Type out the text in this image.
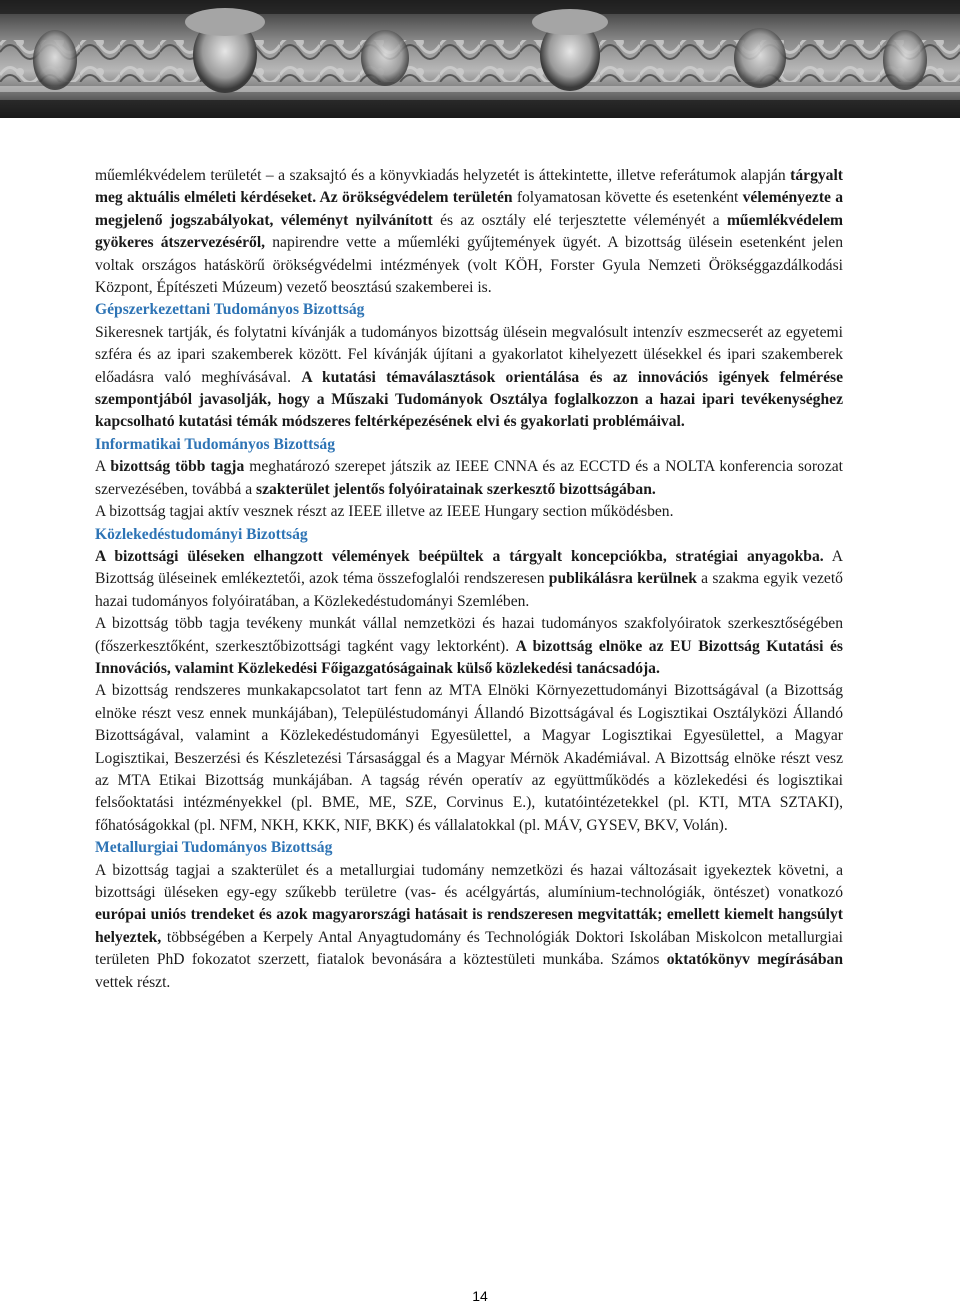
műemlékvédelem területét – a szaksajtó és a könyvkiadás helyzetét is áttekintette, illetve referátumok alapján tárgyalt meg aktuális elméleti kérdéseket. Az örökségvédelem területén folyamatosan követte és esetenként véleményezte a megjelenő jogszabályokat, véleményt nyilvánított és az osztály elé terjesztette véleményét a műemlékvédelem gyökeres átszervezéséről, napirendre vette a műemléki gyűjtemények ügyét. A bizottság ülésein esetenként jelen voltak országos hatáskörű örökségvédelmi intézmények (volt KÖH, Forster Gyula Nemzeti Örökséggazdálkodási Központ, Építészeti Múzeum) vezető beosztású szakemberei is.

Gépszerkezettani Tudományos Bizottság

Sikeresnek tartják, és folytatni kívánják a tudományos bizottság ülésein megvalósult intenzív eszmecserét az egyetemi szféra és az ipari szakemberek között. Fel kívánják újítani a gyakorlatot kihelyezett ülésekkel és ipari szakemberek előadásra való meghívásával. A kutatási témaválasztások orientálása és az innovációs igények felmérése szempontjából javasolják, hogy a Műszaki Tudományok Osztálya foglalkozzon a hazai ipari tevékenységhez kapcsolható kutatási témák módszeres feltérképezésének elvi és gyakorlati problémáival.

Informatikai Tudományos Bizottság

A bizottság több tagja meghatározó szerepet játszik az IEEE CNNA és az ECCTD és a NOLTA konferencia sorozat szervezésében, továbbá a szakterület jelentős folyóiratainak szerkesztő bizottságában.

A bizottság tagjai aktív vesznek részt az IEEE illetve az IEEE Hungary section működésben.

Közlekedéstudományi Bizottság

A bizottsági üléseken elhangzott vélemények beépültek a tárgyalt koncepciókba, stratégiai anyagokba. A Bizottság üléseinek emlékeztetői, azok téma összefoglalói rendszeresen publikálásra kerülnek a szakma egyik vezető hazai tudományos folyóiratában, a Közlekedéstudományi Szemlében.

A bizottság több tagja tevékeny munkát vállal nemzetközi és hazai tudományos szakfolyóiratok szerkesztőségében (főszerkesztőként, szerkesztőbizottsági tagként vagy lektorként). A bizottság elnöke az EU Bizottság Kutatási és Innovációs, valamint Közlekedési Főigazgatóságainak külső közlekedési tanácsadója.

A bizottság rendszeres munkakapcsolatot tart fenn az MTA Elnöki Környezettudományi Bizottságával (a Bizottság elnöke részt vesz ennek munkájában), Településtudományi Állandó Bizottságával és Logisztikai Osztályközi Állandó Bizottságával, valamint a Közlekedéstudományi Egyesülettel, a Magyar Logisztikai Egyesülettel, a Magyar Logisztikai, Beszerzési és Készletezési Társasággal és a Magyar Mérnök Akadémiával. A Bizottság elnöke részt vesz az MTA Etikai Bizottság munkájában. A tagság révén operatív az együttműködés a közlekedési és logisztikai felsőoktatási intézményekkel (pl. BME, ME, SZE, Corvinus E.), kutatóintézetekkel (pl. KTI, MTA SZTAKI), főhatóságokkal (pl. NFM, NKH, KKK, NIF, BKK) és vállalatokkal (pl. MÁV, GYSEV, BKV, Volán).

Metallurgiai Tudományos Bizottság

A bizottság tagjai a szakterület és a metallurgiai tudomány nemzetközi és hazai változásait igyekeztek követni, a bizottsági üléseken egy-egy szűkebb területre (vas- és acélgyártás, alumínium-technológiák, öntészet) vonatkozó európai uniós trendeket és azok magyarországi hatásait is rendszeresen megvitatták; emellett kiemelt hangsúlyt helyeztek, többségében a Kerpely Antal Anyagtudomány és Technológiák Doktori Iskolában Miskolcon metallurgiai területen PhD fokozatot szerzett, fiatalok bevonására a köztestületi munkába. Számos oktatókönyv megírásában vettek részt.

14
